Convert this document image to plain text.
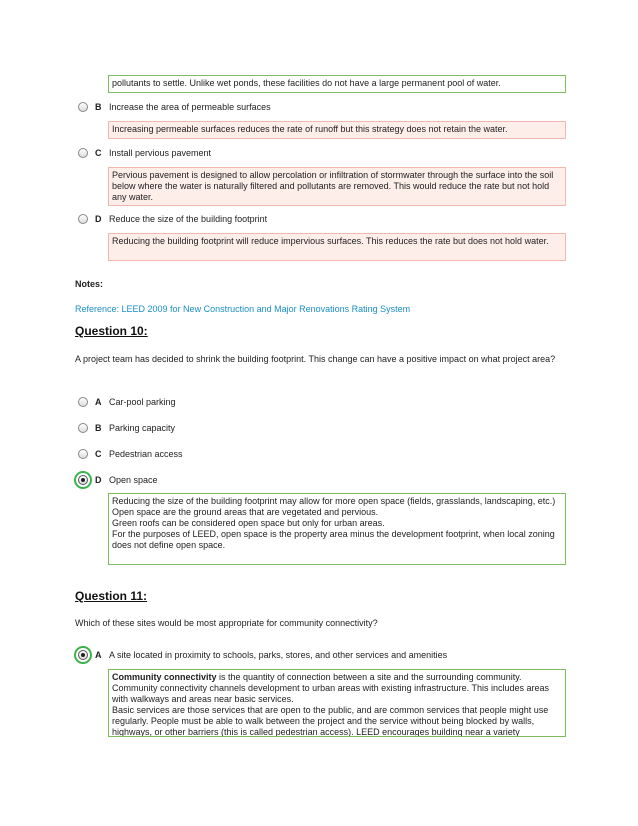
pollutants to settle. Unlike wet ponds, these facilities do not have a large permanent pool of water.
B Increase the area of permeable surfaces
Increasing permeable surfaces reduces the rate of runoff but this strategy does not retain the water.
C Install pervious pavement
Pervious pavement is designed to allow percolation or infiltration of stormwater through the surface into the soil below where the water is naturally filtered and pollutants are removed. This would reduce the rate but not hold any water.
D Reduce the size of the building footprint
Reducing the building footprint will reduce impervious surfaces. This reduces the rate but does not hold water.
Notes:
Reference: LEED 2009 for New Construction and Major Renovations Rating System
Question 10:
A project team has decided to shrink the building footprint. This change can have a positive impact on what project area?
A Car-pool parking
B Parking capacity
C Pedestrian access
D Open space
Reducing the size of the building footprint may allow for more open space (fields, grasslands, landscaping, etc.)
Open space are the ground areas that are vegetated and pervious.
Green roofs can be considered open space but only for urban areas.
For the purposes of LEED, open space is the property area minus the development footprint, when local zoning does not define open space.
Question 11:
Which of these sites would be most appropriate for community connectivity?
A A site located in proximity to schools, parks, stores, and other services and amenities
Community connectivity is the quantity of connection between a site and the surrounding community. Community connectivity channels development to urban areas with existing infrastructure. This includes areas with walkways and areas near basic services.
Basic services are those services that are open to the public, and are common services that people might use regularly. People must be able to walk between the project and the service without being blocked by walls, highways, or other barriers (this is called pedestrian access). LEED encourages building near a variety
